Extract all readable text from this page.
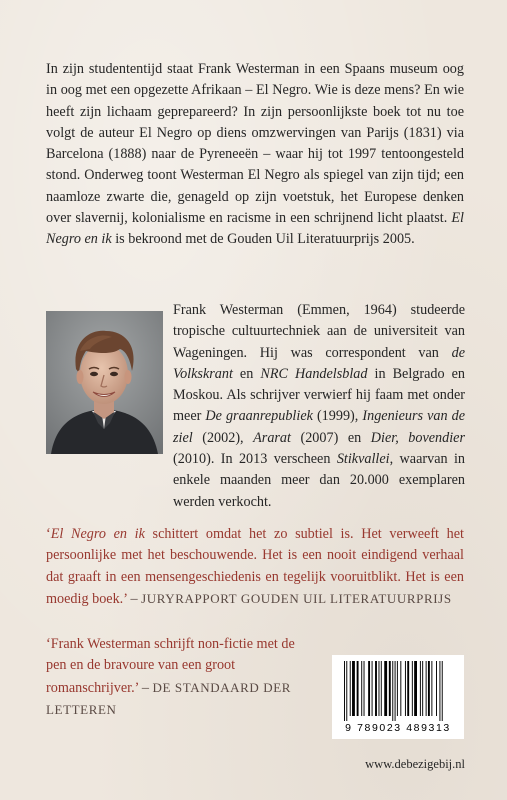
In zijn studententijd staat Frank Westerman in een Spaans museum oog in oog met een opgezette Afrikaan – El Negro. Wie is deze mens? En wie heeft zijn lichaam geprepareerd? In zijn persoonlijkste boek tot nu toe volgt de auteur El Negro op diens omzwervingen van Parijs (1831) via Barcelona (1888) naar de Pyreneeën – waar hij tot 1997 tentoongesteld stond. Onderweg toont Westerman El Negro als spiegel van zijn tijd; een naamloze zwarte die, genageld op zijn voetstuk, het Europese denken over slavernij, kolonialisme en racisme in een schrijnend licht plaatst. El Negro en ik is bekroond met de Gouden Uil Literatuurprijs 2005.

Frank Westerman (Emmen, 1964) studeerde tropische cultuurtechniek aan de universiteit van Wageningen. Hij was correspondent van de Volkskrant en NRC Handelsblad in Belgrado en Moskou. Als schrijver verwierf hij faam met onder meer De graanrepubliek (1999), Ingenieurs van de ziel (2002), Ararat (2007) en Dier, bovendier (2010). In 2013 verscheen Stikvallei, waarvan in enkele maanden meer dan 20.000 exemplaren werden verkocht.

‘El Negro en ik schittert omdat het zo subtiel is. Het verweeft het persoonlijke met het beschouwende. Het is een nooit eindigend verhaal dat graaft in een mensengeschiedenis en tegelijk vooruitblikt. Het is een moedig boek.’ – JURYRAPPORT GOUDEN UIL LITERATUURPRIJS

‘Frank Westerman schrijft non-fictie met de pen en de bravoure van een groot romanschrijver.’ – DE STANDAARD DER LETTEREN

9 789023 489313
www.debezigebij.nl
